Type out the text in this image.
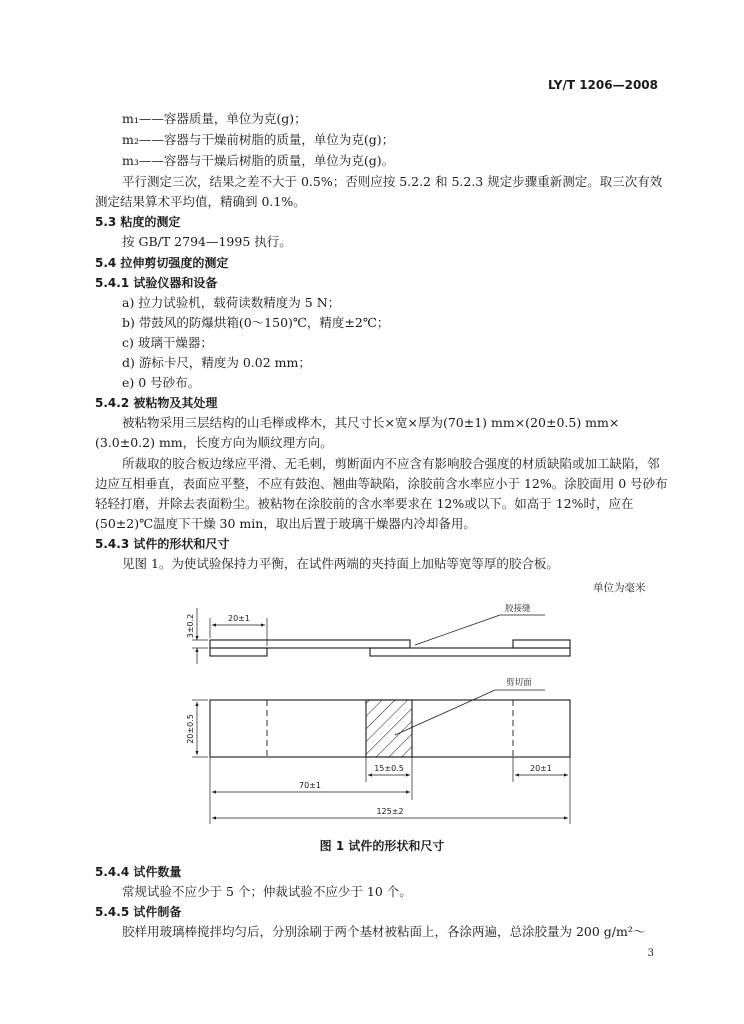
LY/T 1206—2008
m₁——容器质量，单位为克(g)；
m₂——容器与干燥前树脂的质量，单位为克(g)；
m₃——容器与干燥后树脂的质量，单位为克(g)。
平行测定三次，结果之差不大于 0.5%；否则应按 5.2.2 和 5.2.3 规定步骤重新测定。取三次有效
测定结果算术平均值，精确到 0.1%。
5.3 粘度的测定
按 GB/T 2794—1995 执行。
5.4 拉伸剪切强度的测定
5.4.1 试验仪器和设备
a) 拉力试验机，载荷读数精度为 5 N；
b) 带鼓风的防爆烘箱(0～150)℃，精度±2℃；
c) 玻璃干燥器；
d) 游标卡尺，精度为 0.02 mm；
e) 0 号砂布。
5.4.2 被粘物及其处理
被粘物采用三层结构的山毛榉或桦木，其尺寸长×宽×厚为(70±1) mm×(20±0.5) mm×
(3.0±0.2) mm，长度方向为顺纹理方向。
所裁取的胶合板边缘应平滑、无毛刺，剪断面内不应含有影响胶合强度的材质缺陷或加工缺陷，邻
边应互相垂直，表面应平整，不应有鼓泡、翘曲等缺陷，涂胶前含水率应小于 12%。涂胶面用 0 号砂布
轻轻打磨，并除去表面粉尘。被粘物在涂胶前的含水率要求在 12%或以下。如高于 12%时，应在
(50±2)℃温度下干燥 30 min，取出后置于玻璃干燥器内冷却备用。
5.4.3 试件的形状和尺寸
见图 1。为使试验保持力平衡，在试件两端的夹持面上加贴等宽等厚的胶合板。
单位为毫米
3±0.2	20±1
胶接缝
20±0.5
剪切面
15±0.5	20±1
70±1
125±2
图 1 试件的形状和尺寸
5.4.4 试件数量
常规试验不应少于 5 个；仲裁试验不应少于 10 个。
5.4.5 试件制备
胶样用玻璃棒搅拌均匀后，分别涂刷于两个基材被粘面上，各涂两遍，总涂胶量为 200 g/m²～
3
